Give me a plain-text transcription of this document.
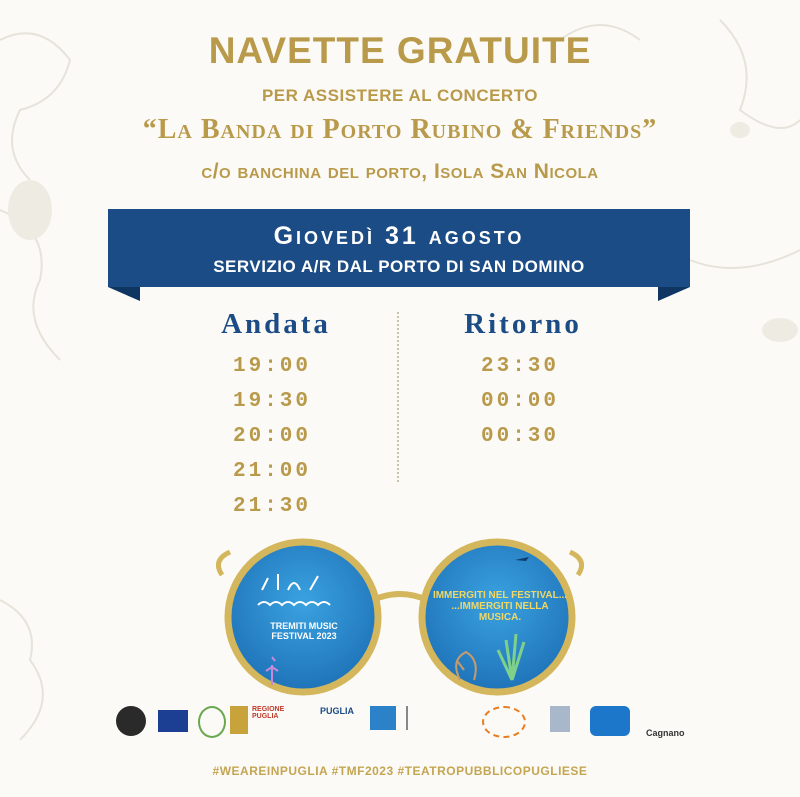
NAVETTE GRATUITE
PER ASSISTERE AL CONCERTO
“La Banda di Porto Rubino & Friends”
c/o banchina del porto, Isola San Nicola
Giovedì 31 agosto
SERVIZIO A/R DAL PORTO DI SAN DOMINO
Andata	Ritorno
19:00
19:30
20:00
21:00
21:30
23:30
00:00
00:30
TREMITI MUSIC FESTIVAL 2023
IMMERGITI NEL FESTIVAL...
...IMMERGITI NELLA MUSICA.
REGIONE PUGLIA
PUGLIA
Cagnano
#WEAREINPUGLIA #TMF2023 #TEATROPUBBLICOPUGLIESE
